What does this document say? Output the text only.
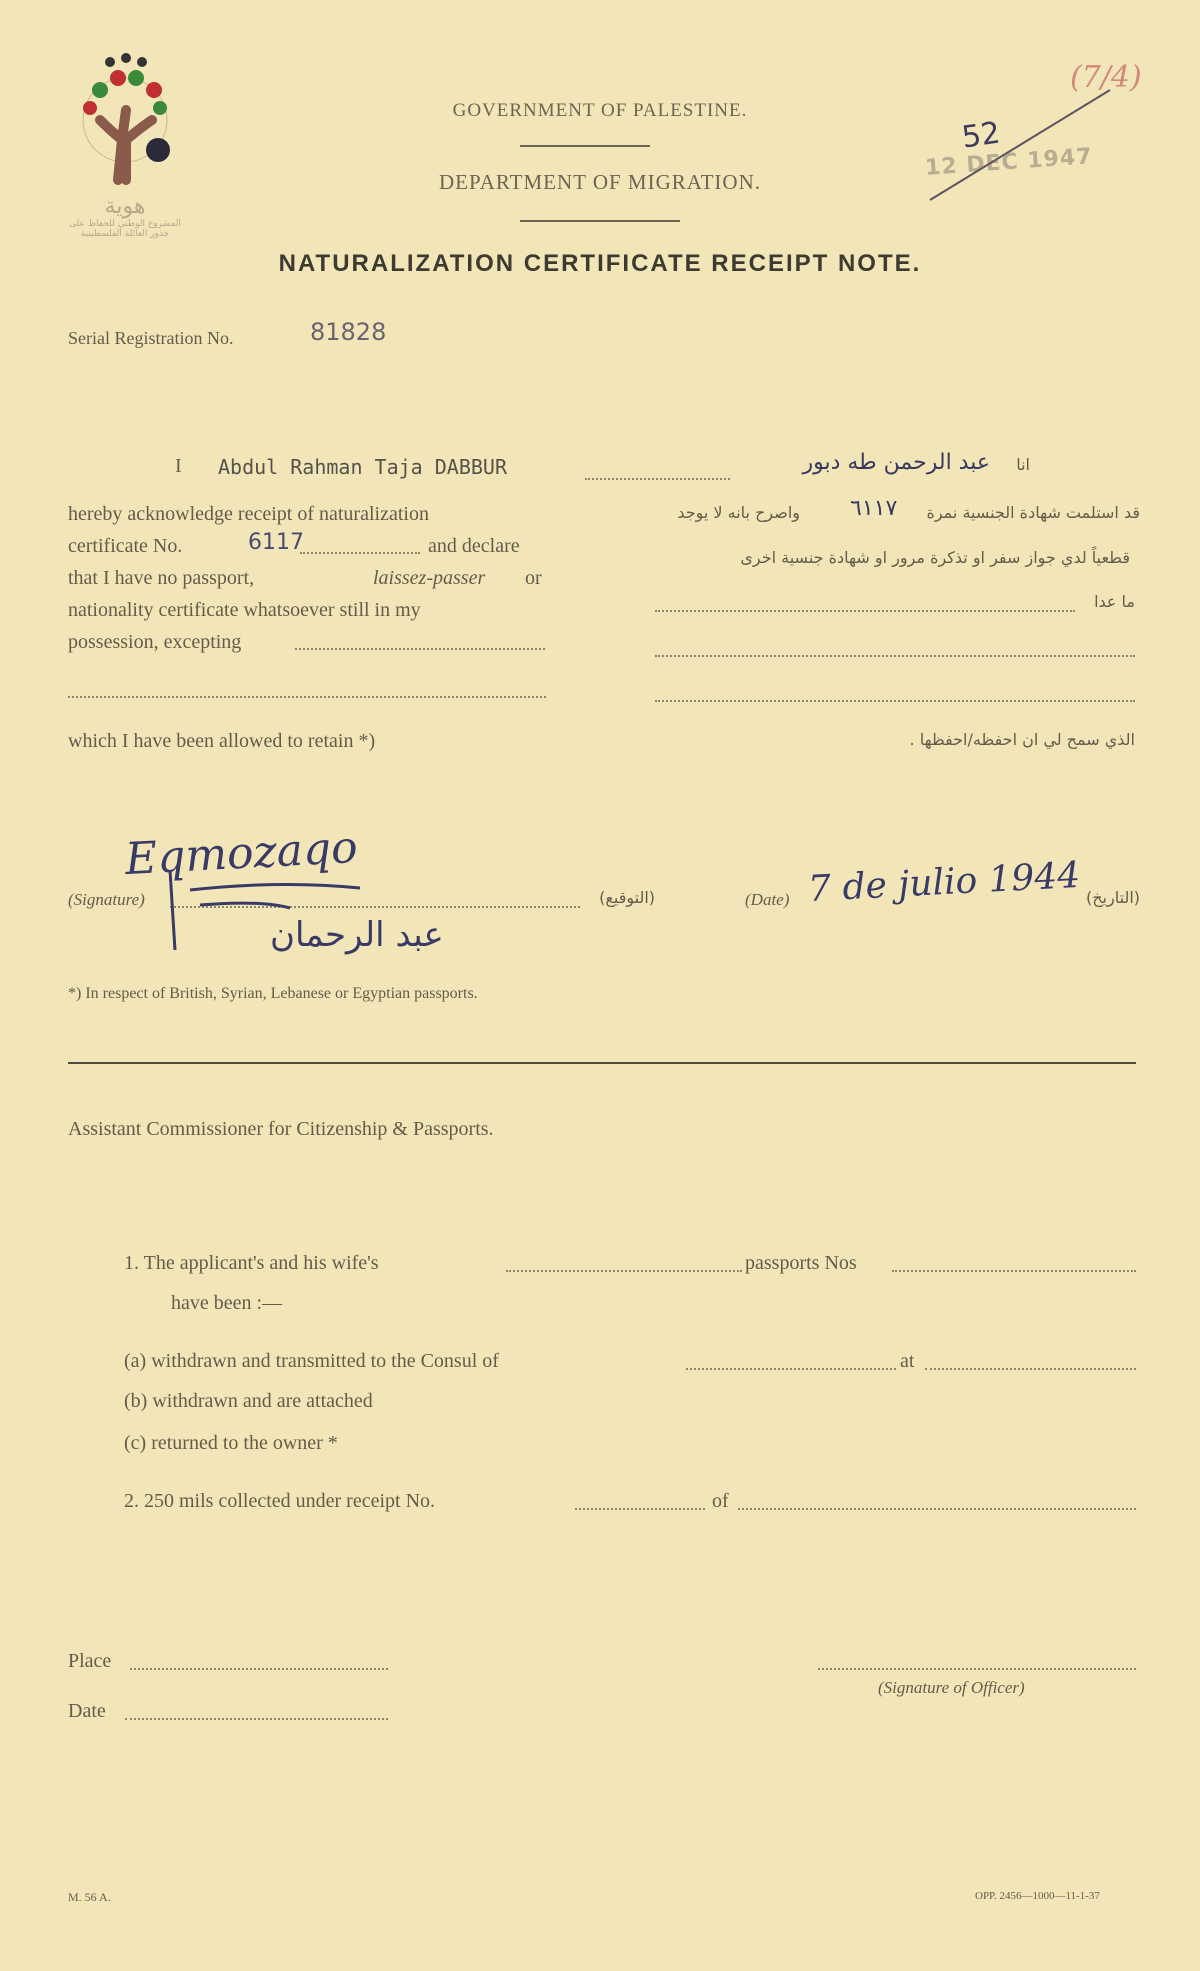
هوية
المشروع الوطني للحفاظ على
جذور العائلة الفلسطينية
(7/4)
52
12 DEC 1947
GOVERNMENT OF PALESTINE.
DEPARTMENT OF MIGRATION.
NATURALIZATION CERTIFICATE RECEIPT NOTE.
Serial Registration No.	81828
I Abdul Rahman Taja DABBUR	عبد الرحمن طه دبور	انا
hereby acknowledge receipt of naturalization
certificate No.	6117	and declare
that I have no passport,	laissez-passer or
nationality certificate whatsoever still in my
possession, excepting
which I have been allowed to retain *)
واصرح بانه لا يوجد ٦١١٧	قد استلمت شهادة الجنسية نمرة
قطعياً لدي جواز سفر او تذكرة مرور او شهادة جنسية اخرى
ما عدا
الذي سمح لي ان احفظه/احفظها .
Eqmozaqo
(Signature)	(التوقيع)
عبد الرحمان
(Date) 7 de julio 1944 (التاريخ)
*) In respect of British, Syrian, Lebanese or Egyptian passports.
Assistant Commissioner for Citizenship & Passports.
1. The applicant's and his wife's	passports Nos
have been :—
(a) withdrawn and transmitted to the Consul of	at
(b) withdrawn and are attached
(c) returned to the owner *
2. 250 mils collected under receipt No.	of
Place
Date
(Signature of Officer)
M. 56 A.	OPP. 2456—1000—11-1-37
